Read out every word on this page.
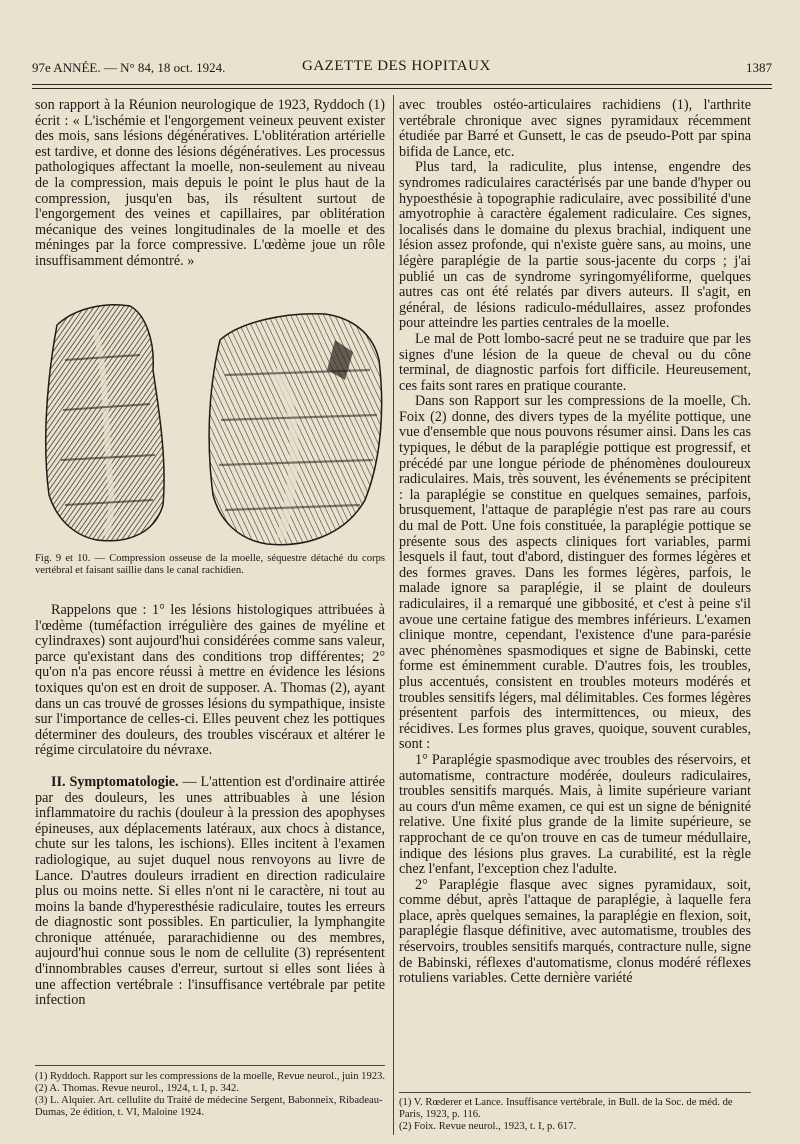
97e ANNÉE. — N° 84, 18 oct. 1924.	GAZETTE DES HOPITAUX	1387

son rapport à la Réunion neurologique de 1923, Ryddoch (1) écrit : « L'ischémie et l'engorgement veineux peuvent exister des mois, sans lésions dégénératives. L'oblitération artérielle est tardive, et donne des lésions dégénératives. Les processus pathologiques affectant la moelle, non-seulement au niveau de la compression, mais depuis le point le plus haut de la compression, jusqu'en bas, ils résultent surtout de l'engorgement des veines et capillaires, par oblitération mécanique des veines longitudinales de la moelle et des méninges par la force compressive. L'œdème joue un rôle insuffisamment démontré. »

Fig. 9 et 10. — Compression osseuse de la moelle, séquestre détaché du corps vertébral et faisant saillie dans le canal rachidien.

Rappelons que : 1° les lésions histologiques attribuées à l'œdème (tuméfaction irrégulière des gaines de myéline et cylindraxes) sont aujourd'hui considérées comme sans valeur, parce qu'existant dans des conditions trop différentes; 2° qu'on n'a pas encore réussi à mettre en évidence les lésions toxiques qu'on est en droit de supposer. A. Thomas (2), ayant dans un cas trouvé de grosses lésions du sympathique, insiste sur l'importance de celles-ci. Elles peuvent chez les pottiques déterminer des douleurs, des troubles viscéraux et altérer le régime circulatoire du névraxe.

II. Symptomatologie. — L'attention est d'ordinaire attirée par des douleurs, les unes attribuables à une lésion inflammatoire du rachis (douleur à la pression des apophyses épineuses, aux déplacements latéraux, aux chocs à distance, chute sur les talons, les ischions). Elles incitent à l'examen radiologique, au sujet duquel nous renvoyons au livre de Lance. D'autres douleurs irradient en direction radiculaire plus ou moins nette. Si elles n'ont ni le caractère, ni tout au moins la bande d'hyperesthésie radiculaire, toutes les erreurs de diagnostic sont possibles. En particulier, la lymphangite chronique atténuée, pararachidienne ou des membres, aujourd'hui connue sous le nom de cellulite (3) représentent d'innombrables causes d'erreur, surtout si elles sont liées à une affection vertébrale : l'insuffisance vertébrale par petite infection

(1) Ryddoch. Rapport sur les compressions de la moelle, Revue neurol., juin 1923.

(2) A. Thomas. Revue neurol., 1924, t. I, p. 342.

(3) L. Alquier. Art. cellulite du Traité de médecine Sergent, Babonneix, Ribadeau-Dumas, 2e édition, t. VI, Maloine 1924.

avec troubles ostéo-articulaires rachidiens (1), l'arthrite vertébrale chronique avec signes pyramidaux récemment étudiée par Barré et Gunsett, le cas de pseudo-Pott par spina bifida de Lance, etc.

Plus tard, la radiculite, plus intense, engendre des syndromes radiculaires caractérisés par une bande d'hyper ou hypoesthésie à topographie radiculaire, avec possibilité d'une amyotrophie à caractère également radiculaire. Ces signes, localisés dans le domaine du plexus brachial, indiquent une lésion assez profonde, qui n'existe guère sans, au moins, une légère paraplégie de la partie sous-jacente du corps ; j'ai publié un cas de syndrome syringomyéliforme, quelques autres cas ont été relatés par divers auteurs. Il s'agit, en général, de lésions radiculo-médullaires, assez profondes pour atteindre les parties centrales de la moelle.

Le mal de Pott lombo-sacré peut ne se traduire que par les signes d'une lésion de la queue de cheval ou du cône terminal, de diagnostic parfois fort difficile. Heureusement, ces faits sont rares en pratique courante.

Dans son Rapport sur les compressions de la moelle, Ch. Foix (2) donne, des divers types de la myélite pottique, une vue d'ensemble que nous pouvons résumer ainsi. Dans les cas typiques, le début de la paraplégie pottique est progressif, et précédé par une longue période de phénomènes douloureux radiculaires. Mais, très souvent, les événements se précipitent : la paraplégie se constitue en quelques semaines, parfois, brusquement, l'attaque de paraplégie n'est pas rare au cours du mal de Pott. Une fois constituée, la paraplégie pottique se présente sous des aspects cliniques fort variables, parmi lesquels il faut, tout d'abord, distinguer des formes légères et des formes graves. Dans les formes légères, parfois, le malade ignore sa paraplégie, il se plaint de douleurs radiculaires, il a remarqué une gibbosité, et c'est à peine s'il avoue une certaine fatigue des membres inférieurs. L'examen clinique montre, cependant, l'existence d'une para-parésie avec phénomènes spasmodiques et signe de Babinski, cette forme est éminemment curable. D'autres fois, les troubles, plus accentués, consistent en troubles moteurs modérés et troubles sensitifs légers, mal délimitables. Ces formes légères présentent parfois des intermittences, ou mieux, des récidives. Les formes plus graves, quoique, souvent curables, sont :

1° Paraplégie spasmodique avec troubles des réservoirs, et automatisme, contracture modérée, douleurs radiculaires, troubles sensitifs marqués. Mais, à limite supérieure variant au cours d'un même examen, ce qui est un signe de bénignité relative. Une fixité plus grande de la limite supérieure, se rapprochant de ce qu'on trouve en cas de tumeur médullaire, indique des lésions plus graves. La curabilité, est la règle chez l'enfant, l'exception chez l'adulte.

2° Paraplégie flasque avec signes pyramidaux, soit, comme début, après l'attaque de paraplégie, à laquelle fera place, après quelques semaines, la paraplégie en flexion, soit, paraplégie flasque définitive, avec automatisme, troubles des réservoirs, troubles sensitifs marqués, contracture nulle, signe de Babinski, réflexes d'automatisme, clonus modéré réflexes rotuliens variables. Cette dernière variété

(1) V. Rœderer et Lance. Insuffisance vertébrale, in Bull. de la Soc. de méd. de Paris, 1923, p. 116.

(2) Foix. Revue neurol., 1923, t. I, p. 617.
